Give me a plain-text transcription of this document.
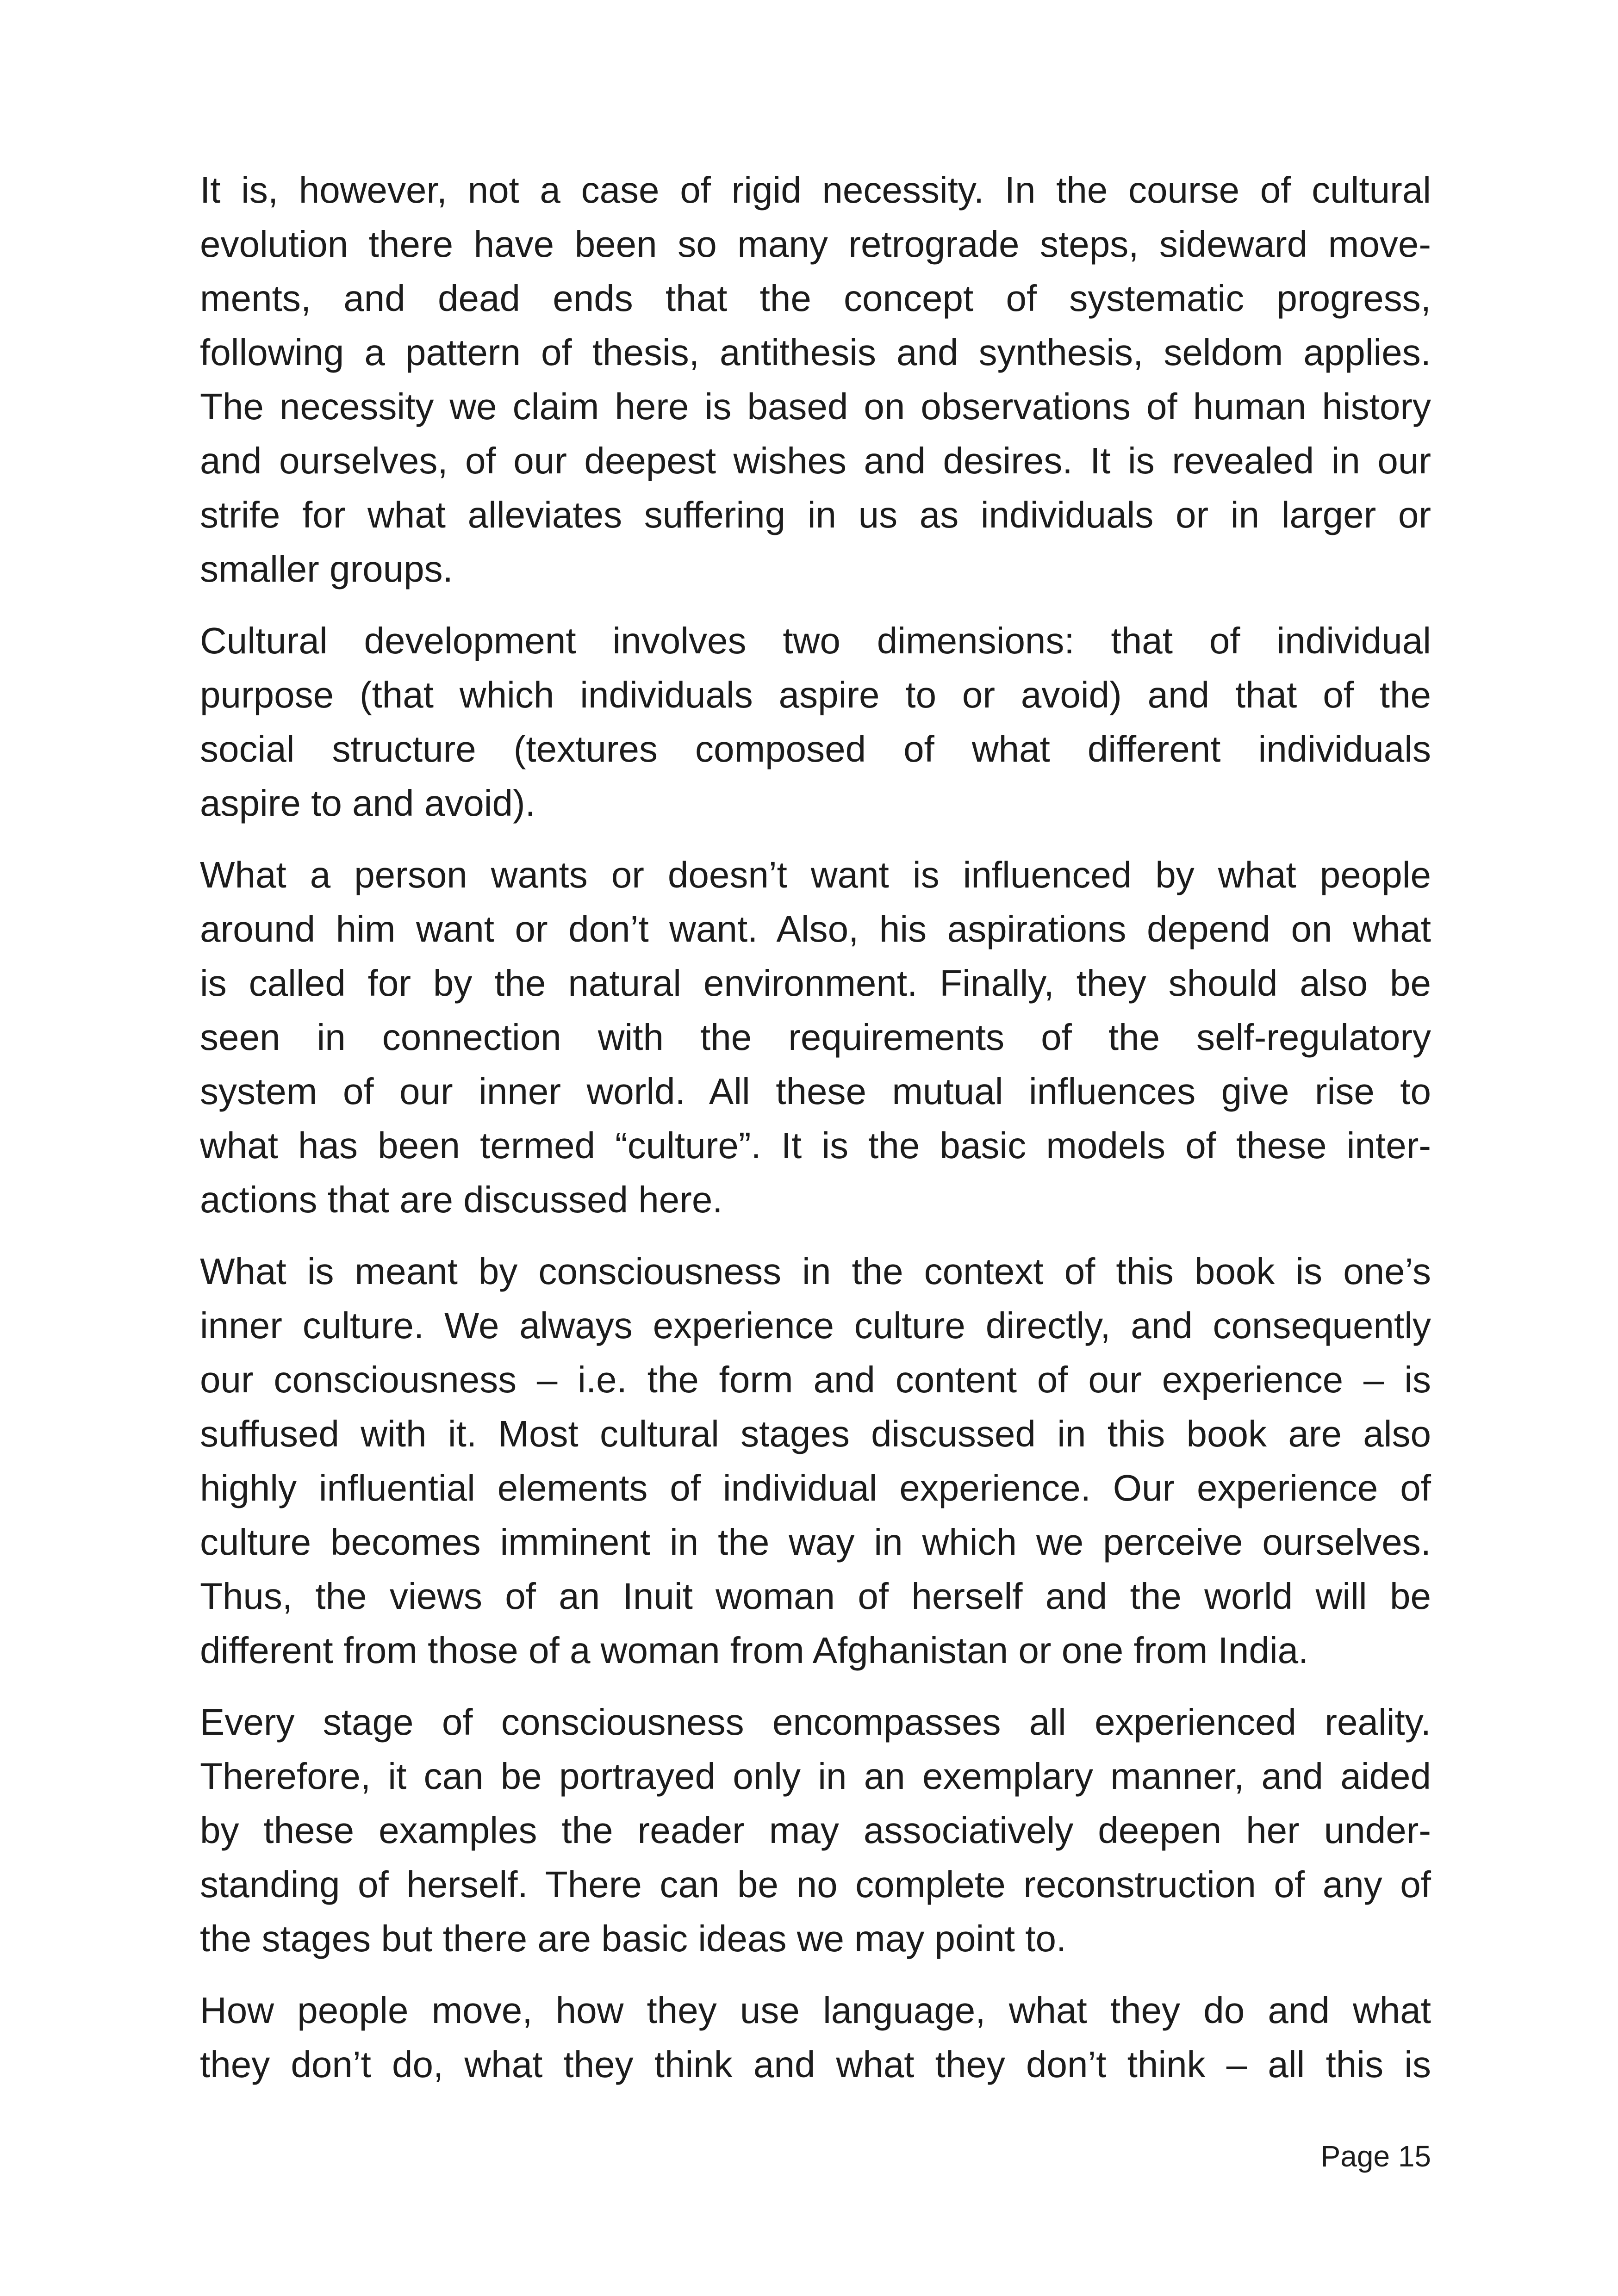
It is, however, not a case of rigid necessity. In the course of cultural
evolution there have been so many retrograde steps, sideward move-
ments, and dead ends that the concept of systematic progress,
following a pattern of thesis, antithesis and synthesis, seldom applies.
The necessity we claim here is based on observations of human history
and ourselves, of our deepest wishes and desires. It is revealed in our
strife for what alleviates suffering in us as individuals or in larger or
smaller groups.

Cultural development involves two dimensions: that of individual
purpose (that which individuals aspire to or avoid) and that of the
social structure (textures composed of what different individuals
aspire to and avoid).

What a person wants or doesn’t want is influenced by what people
around him want or don’t want. Also, his aspirations depend on what
is called for by the natural environment. Finally, they should also be
seen in connection with the requirements of the self-regulatory
system of our inner world. All these mutual influences give rise to
what has been termed “culture”. It is the basic models of these inter-
actions that are discussed here.

What is meant by consciousness in the context of this book is one’s
inner culture. We always experience culture directly, and consequently
our consciousness – i.e. the form and content of our experience – is
suffused with it. Most cultural stages discussed in this book are also
highly influential elements of individual experience. Our experience of
culture becomes imminent in the way in which we perceive ourselves.
Thus, the views of an Inuit woman of herself and the world will be
different from those of a woman from Afghanistan or one from India.

Every stage of consciousness encompasses all experienced reality.
Therefore, it can be portrayed only in an exemplary manner, and aided
by these examples the reader may associatively deepen her under-
standing of herself. There can be no complete reconstruction of any of
the stages but there are basic ideas we may point to.

How people move, how they use language, what they do and what
they don’t do, what they think and what they don’t think – all this is

Page 15
